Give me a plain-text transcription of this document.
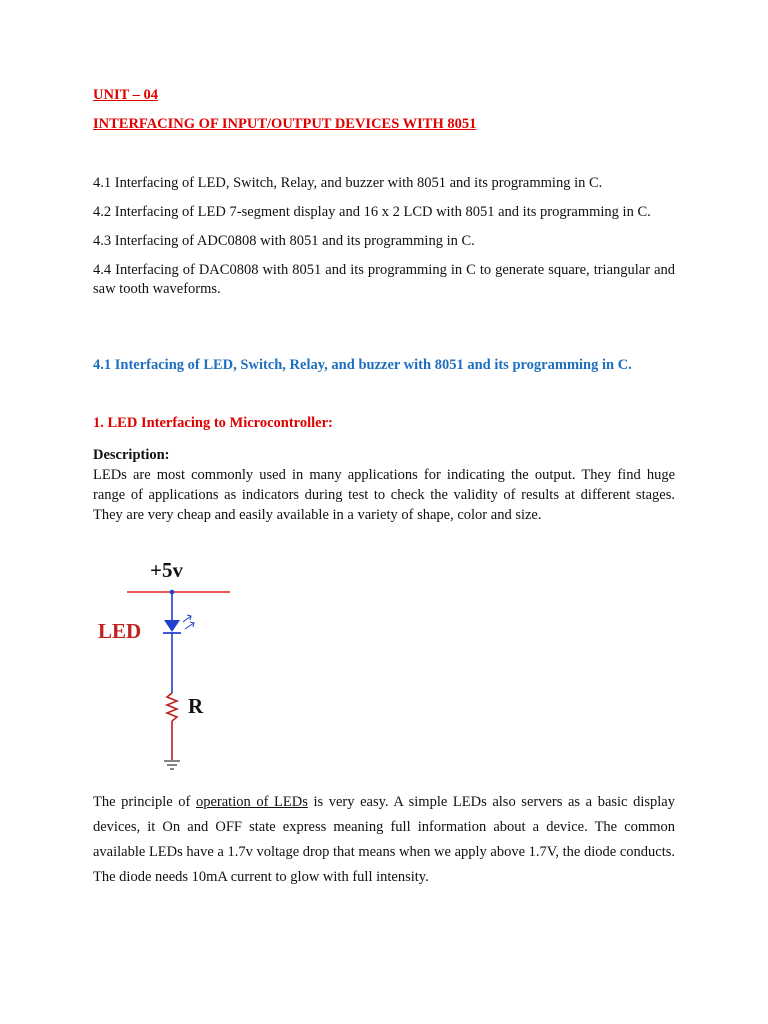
UNIT – 04

INTERFACING OF INPUT/OUTPUT DEVICES WITH 8051

4.1 Interfacing of LED, Switch, Relay, and buzzer with 8051 and its programming in C.
4.2 Interfacing of LED 7-segment display and 16 x 2 LCD with 8051 and its programming in C.
4.3 Interfacing of ADC0808 with 8051 and its programming in C.
4.4 Interfacing of DAC0808 with 8051 and its programming in C to generate square, triangular and saw tooth waveforms.

4.1 Interfacing of LED, Switch, Relay, and buzzer with 8051 and its programming in C.

1. LED Interfacing to Microcontroller:

Description:

LEDs are most commonly used in many applications for indicating the output. They find huge range of applications as indicators during test to check the validity of results at different stages. They are very cheap and easily available in a variety of shape, color and size.

+5v
LED
R

The principle of operation of LEDs is very easy. A simple LEDs also servers as a basic display devices, it On and OFF state express meaning full information about a device. The common available LEDs have a 1.7v voltage drop that means when we apply above 1.7V, the diode conducts. The diode needs 10mA current to glow with full intensity.
